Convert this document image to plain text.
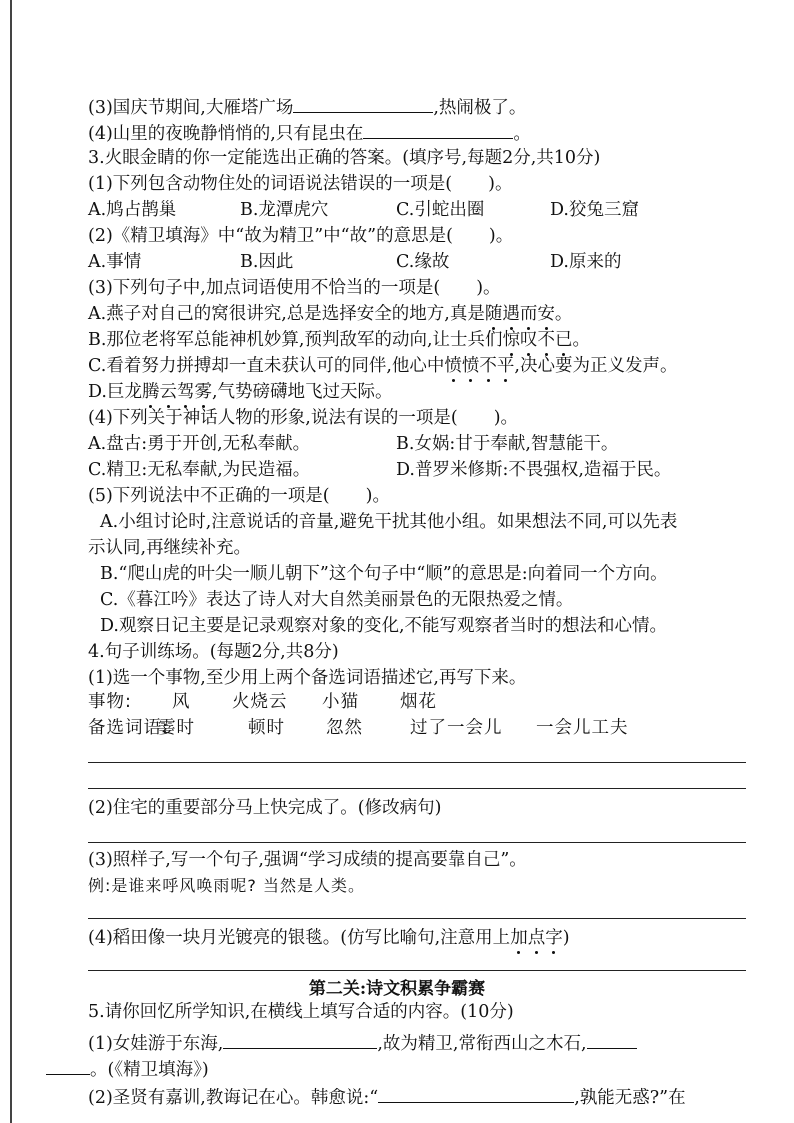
(3)国庆节期间,大雁塔广场	,热闹极了。
(4)山里的夜晚静悄悄的,只有昆虫在	。
3.火眼金睛的你一定能选出正确的答案。(填序号,每题2分,共10分)
(1)下列包含动物住处的词语说法错误的一项是( )。
A.鸠占鹊巢	B.龙潭虎穴	C.引蛇出圈	D.狡兔三窟
(2)《精卫填海》中“故为精卫”中“故”的意思是( )。
A.事情	B.因此	C.缘故	D.原来的
(3)下列句子中,加点词语使用不恰当的一项是( )。
A.燕子对自己的窝很讲究,总是选择安全的地方,真是随遇而安。
B.那位老将军总能神机妙算,预判敌军的动向,让士兵们惊叹不已。
C.看着努力拼搏却一直未获认可的同伴,他心中愤愤不平,决心要为正义发声。
D.巨龙腾云驾雾,气势磅礴地飞过天际。
(4)下列关于神话人物的形象,说法有误的一项是( )。
A.盘古:勇于开创,无私奉献。	B.女娲:甘于奉献,智慧能干。
C.精卫:无私奉献,为民造福。	D.普罗米修斯:不畏强权,造福于民。
(5)下列说法中不正确的一项是( )。
A.小组讨论时,注意说话的音量,避免干扰其他小组。如果想法不同,可以先表
示认同,再继续补充。
B.“爬山虎的叶尖一顺儿朝下”这个句子中“顺”的意思是:向着同一个方向。
C.《暮江吟》表达了诗人对大自然美丽景色的无限热爱之情。
D.观察日记主要是记录观察对象的变化,不能写观察者当时的想法和心情。
4.句子训练场。(每题2分,共8分)
(1)选一个事物,至少用上两个备选词语描述它,再写下来。
事物: 风 火烧云 小猫 烟花
备选词语:
霎时	顿时 忽然	过了一会儿 一会儿工夫
(2)住宅的重要部分马上快完成了。(修改病句)
(3)照样子,写一个句子,强调“学习成绩的提高要靠自己”。
例:是谁来呼风唤雨呢? 当然是人类。
(4)稻田像一块月光镀亮的银毯。(仿写比喻句,注意用上加点字)
第二关:诗文积累争霸赛
5.请你回忆所学知识,在横线上填写合适的内容。(10分)
(1)女娃游于东海,	,故为精卫,常衔西山之木石,
。(《精卫填海》)
(2)圣贤有嘉训,教诲记在心。韩愈说:“	,孰能无惑?”在
